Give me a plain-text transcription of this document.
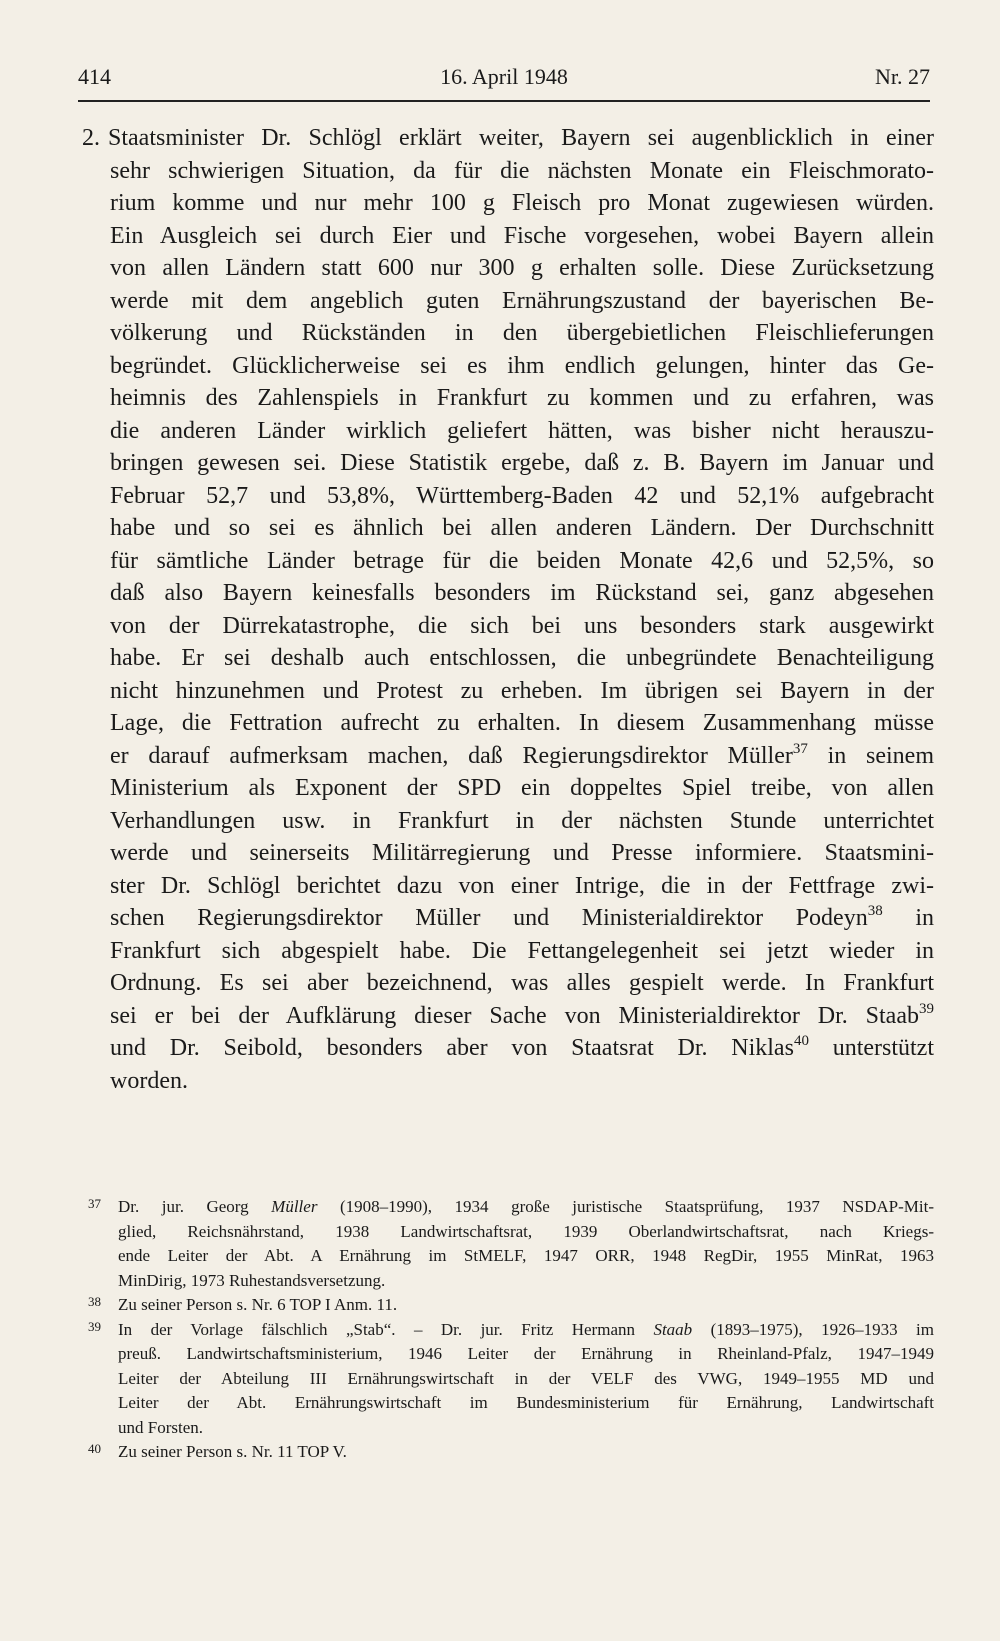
414	16. April 1948	Nr. 27
2. Staatsminister Dr. Schlögl erklärt weiter, Bayern sei augenblicklich in einer
sehr schwierigen Situation, da für die nächsten Monate ein Fleischmorato-
rium komme und nur mehr 100 g Fleisch pro Monat zugewiesen würden.
Ein Ausgleich sei durch Eier und Fische vorgesehen, wobei Bayern allein
von allen Ländern statt 600 nur 300 g erhalten solle. Diese Zurücksetzung
werde mit dem angeblich guten Ernährungszustand der bayerischen Be-
völkerung und Rückständen in den übergebietlichen Fleischlieferungen
begründet. Glücklicherweise sei es ihm endlich gelungen, hinter das Ge-
heimnis des Zahlenspiels in Frankfurt zu kommen und zu erfahren, was
die anderen Länder wirklich geliefert hätten, was bisher nicht herauszu-
bringen gewesen sei. Diese Statistik ergebe, daß z. B. Bayern im Januar und
Februar 52,7 und 53,8%, Württemberg-Baden 42 und 52,1% aufgebracht
habe und so sei es ähnlich bei allen anderen Ländern. Der Durchschnitt
für sämtliche Länder betrage für die beiden Monate 42,6 und 52,5%, so
daß also Bayern keinesfalls besonders im Rückstand sei, ganz abgesehen
von der Dürrekatastrophe, die sich bei uns besonders stark ausgewirkt
habe. Er sei deshalb auch entschlossen, die unbegründete Benachteiligung
nicht hinzunehmen und Protest zu erheben. Im übrigen sei Bayern in der
Lage, die Fettration aufrecht zu erhalten. In diesem Zusammenhang müsse
er darauf aufmerksam machen, daß Regierungsdirektor Müller$^{37}$ in seinem
Ministerium als Exponent der SPD ein doppeltes Spiel treibe, von allen
Verhandlungen usw. in Frankfurt in der nächsten Stunde unterrichtet
werde und seinerseits Militärregierung und Presse informiere. Staatsmini-
ster Dr. Schlögl berichtet dazu von einer Intrige, die in der Fettfrage zwi-
schen Regierungsdirektor Müller und Ministerialdirektor Podeyn$^{38}$ in
Frankfurt sich abgespielt habe. Die Fettangelegenheit sei jetzt wieder in
Ordnung. Es sei aber bezeichnend, was alles gespielt werde. In Frankfurt
sei er bei der Aufklärung dieser Sache von Ministerialdirektor Dr. Staab$^{39}$
und Dr. Seibold, besonders aber von Staatsrat Dr. Niklas$^{40}$ unterstützt
worden.
37 Dr. jur. Georg Müller (1908–1990), 1934 große juristische Staatsprüfung, 1937 NSDAP-Mit-
glied, Reichsnährstand, 1938 Landwirtschaftsrat, 1939 Oberlandwirtschaftsrat, nach Kriegs-
ende Leiter der Abt. A Ernährung im StMELF, 1947 ORR, 1948 RegDir, 1955 MinRat, 1963
MinDirig, 1973 Ruhestandsversetzung.
38 Zu seiner Person s. Nr. 6 TOP I Anm. 11.
39 In der Vorlage fälschlich „Stab“. – Dr. jur. Fritz Hermann Staab (1893–1975), 1926–1933 im
preuß. Landwirtschaftsministerium, 1946 Leiter der Ernährung in Rheinland-Pfalz, 1947–1949
Leiter der Abteilung III Ernährungswirtschaft in der VELF des VWG, 1949–1955 MD und
Leiter der Abt. Ernährungswirtschaft im Bundesministerium für Ernährung, Landwirtschaft
und Forsten.
40 Zu seiner Person s. Nr. 11 TOP V.
